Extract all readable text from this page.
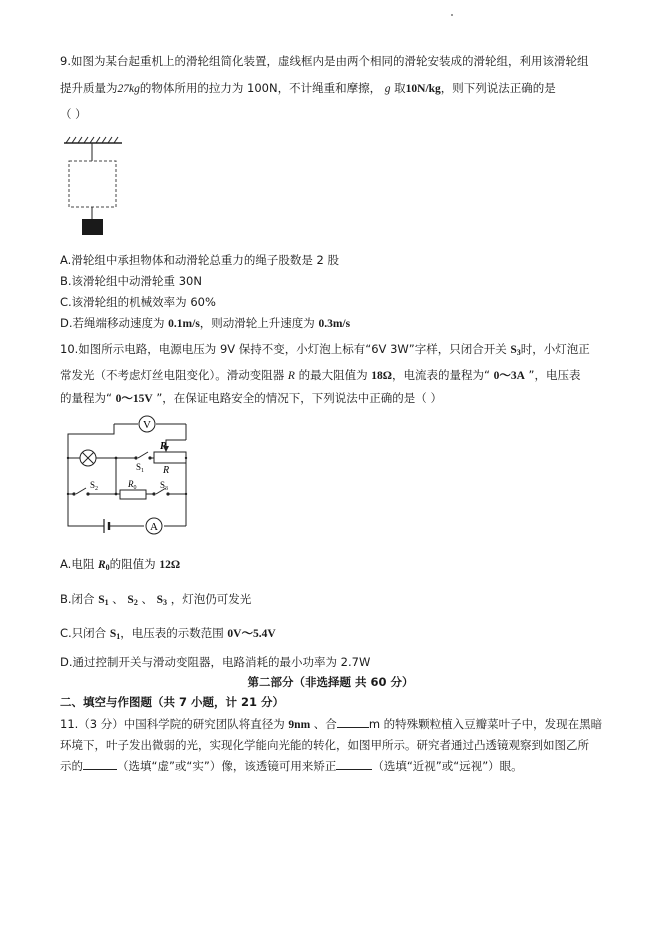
9.如图为某台起重机上的滑轮组简化装置，虚线框内是由两个相同的滑轮安装成的滑轮组，利用该滑轮组
提升质量为27kg的物体所用的拉力为 100N，不计绳重和摩擦， g 取10N/kg，则下列说法正确的是
（ ）
A.滑轮组中承担物体和动滑轮总重力的绳子股数是 2 股
B.该滑轮组中动滑轮重 30N
C.该滑轮组的机械效率为 60%
D.若绳端移动速度为 0.1m/s，则动滑轮上升速度为 0.3m/s
10.如图所示电路，电源电压为 9V 保持不变，小灯泡上标有“6V 3W”字样，只闭合开关 $S_3$时，小灯泡正
常发光（不考虑灯丝电阻变化）。滑动变阻器 R 的最大阻值为 18Ω，电流表的量程为“ 0～3A ”，电压表
的量程为“ 0～15V ”，在保证电路安全的情况下，下列说法中正确的是（ ）
V
A
P
R
$S_1$
$S_2$	$R_0$	$S_3$
A.电阻 $R_0$的阻值为 12Ω
B.闭合 $S_1$ 、 $S_2$ 、 $S_3$ ，灯泡仍可发光
C.只闭合 $S_1$，电压表的示数范围 0V～5.4V
D.通过控制开关与滑动变阻器，电路消耗的最小功率为 2.7W
第二部分（非选择题 共 60 分）
二、填空与作图题（共 7 小题，计 21 分）
11.（3 分）中国科学院的研究团队将直径为 9nm 、合	m 的特殊颗粒植入豆瓣菜叶子中，发现在黑暗
环境下，叶子发出微弱的光，实现化学能向光能的转化，如图甲所示。研究者通过凸透镜观察到如图乙所
示的	（选填“虚”或“实”）像，该透镜可用来矫正	（选填“近视”或“远视”）眼。
